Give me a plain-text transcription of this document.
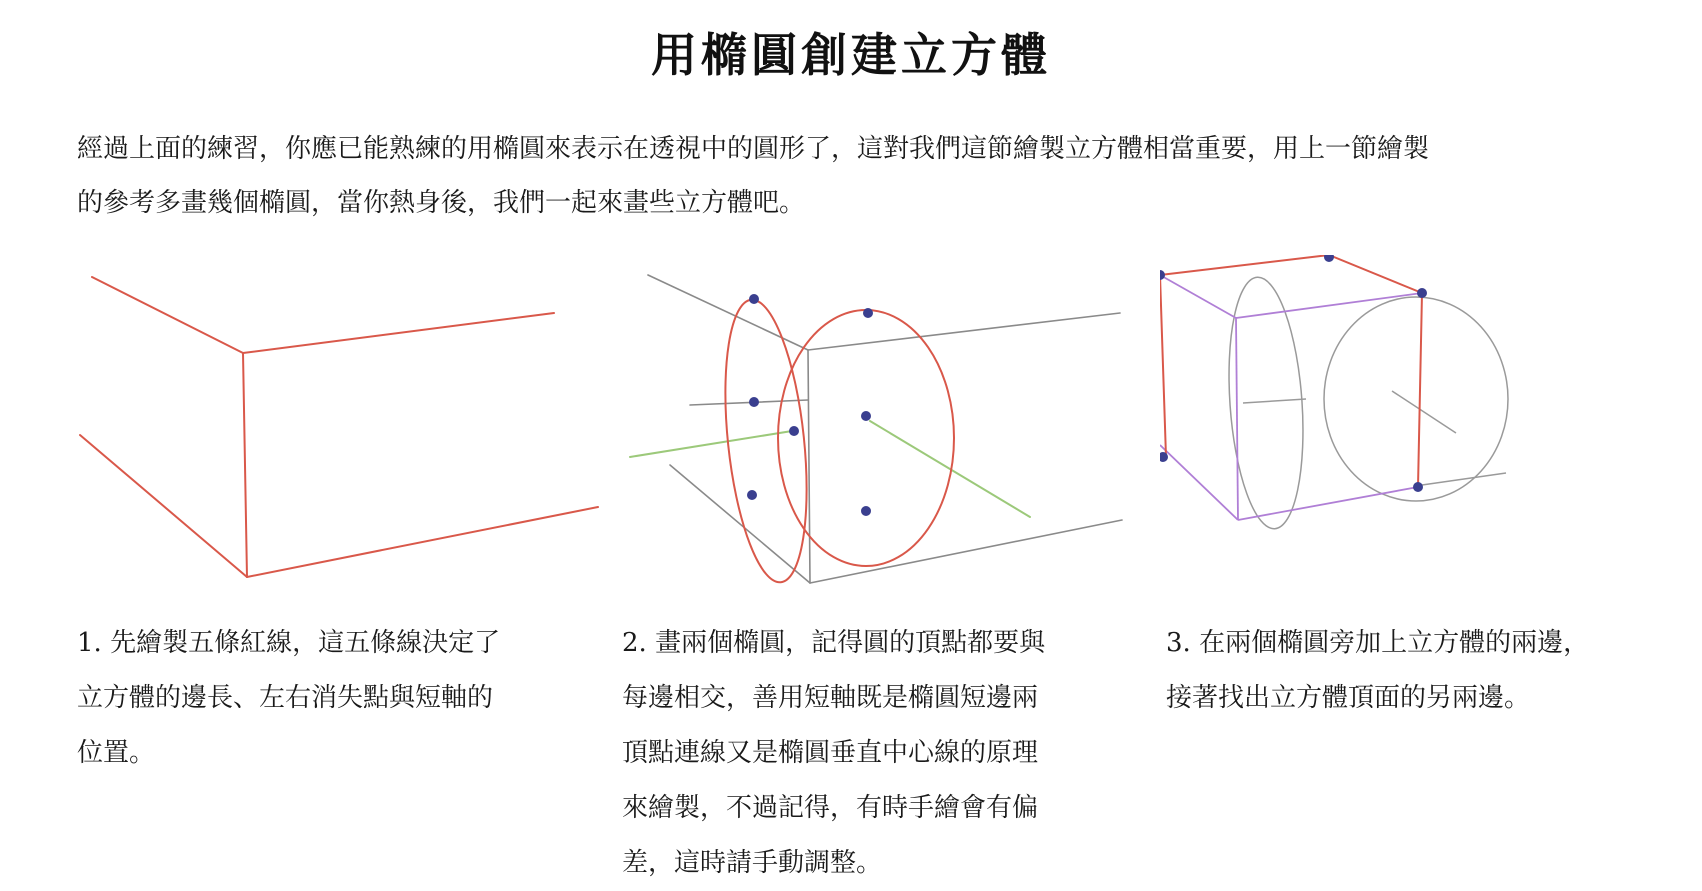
用橢圓創建立方體
經過上面的練習，你應已能熟練的用橢圓來表示在透視中的圓形了，這對我們這節繪製立方體相當重要，用上一節繪製
的參考多畫幾個橢圓，當你熱身後，我們一起來畫些立方體吧。
1. 先繪製五條紅線，這五條線決定了
立方體的邊長、左右消失點與短軸的
位置。
2. 畫兩個橢圓，記得圓的頂點都要與
每邊相交，善用短軸既是橢圓短邊兩
頂點連線又是橢圓垂直中心線的原理
來繪製，不過記得，有時手繪會有偏
差，這時請手動調整。
3. 在兩個橢圓旁加上立方體的兩邊，
接著找出立方體頂面的另兩邊。
